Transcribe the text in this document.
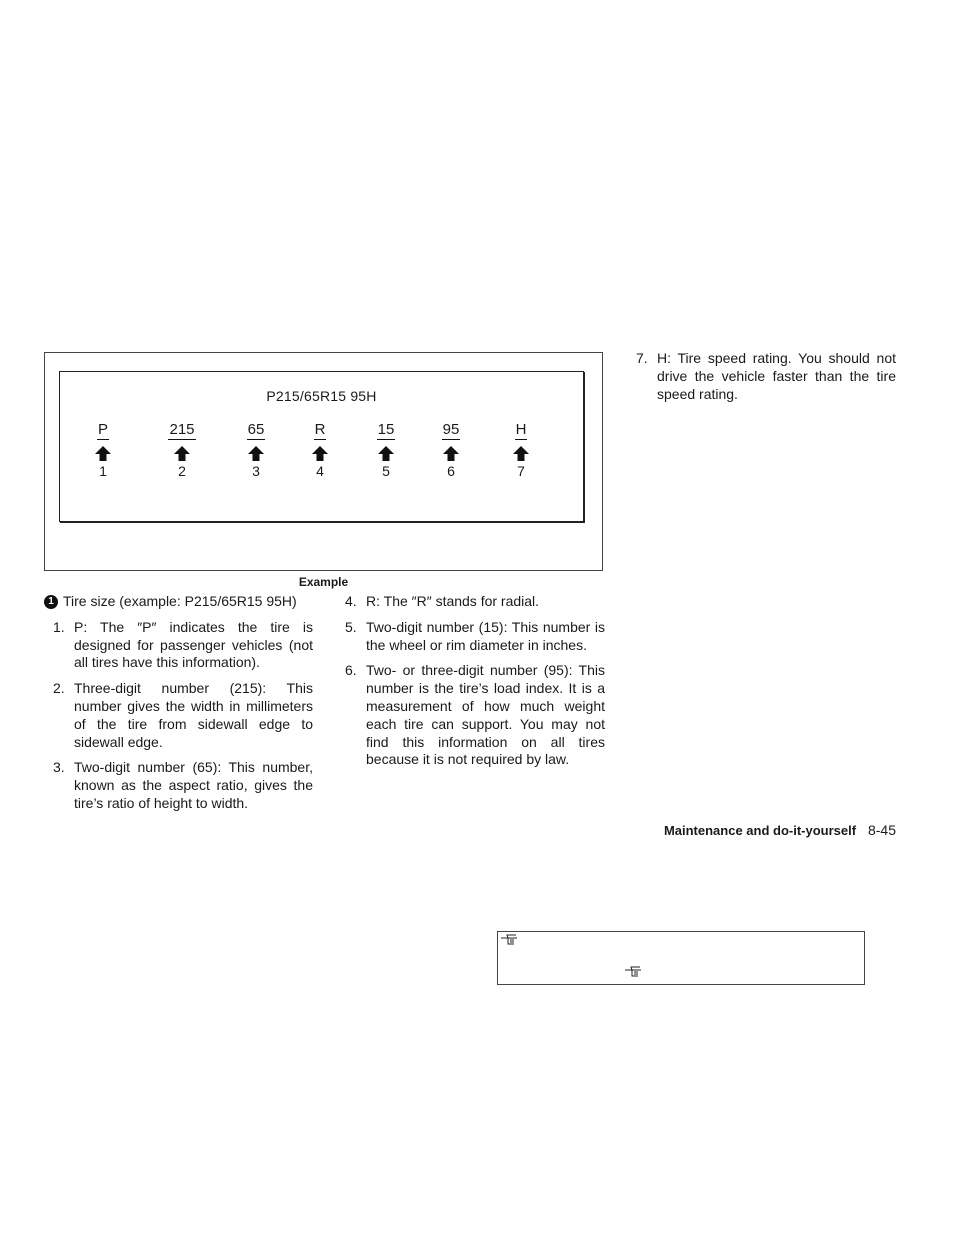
P215/65R15 95H
P
1
215
2
65
3
R
4
15
5
95
6
H
7
Example
1 Tire size (example: P215/65R15 95H)
1. P: The ″P″ indicates the tire is designed for passenger vehicles (not all tires have this information).

2. Three-digit number (215): This number gives the width in millimeters of the tire from sidewall edge to sidewall edge.

3. Two-digit number (65): This number, known as the aspect ratio, gives the tire’s ratio of height to width.

4. R: The ″R″ stands for radial.

5. Two-digit number (15): This number is the wheel or rim diameter in inches.

6. Two- or three-digit number (95): This number is the tire’s load index. It is a measurement of how much weight each tire can support. You may not find this information on all tires because it is not required by law.

7. H: Tire speed rating. You should not drive the vehicle faster than the tire speed rating.

Maintenance and do-it-yourself 8-45
